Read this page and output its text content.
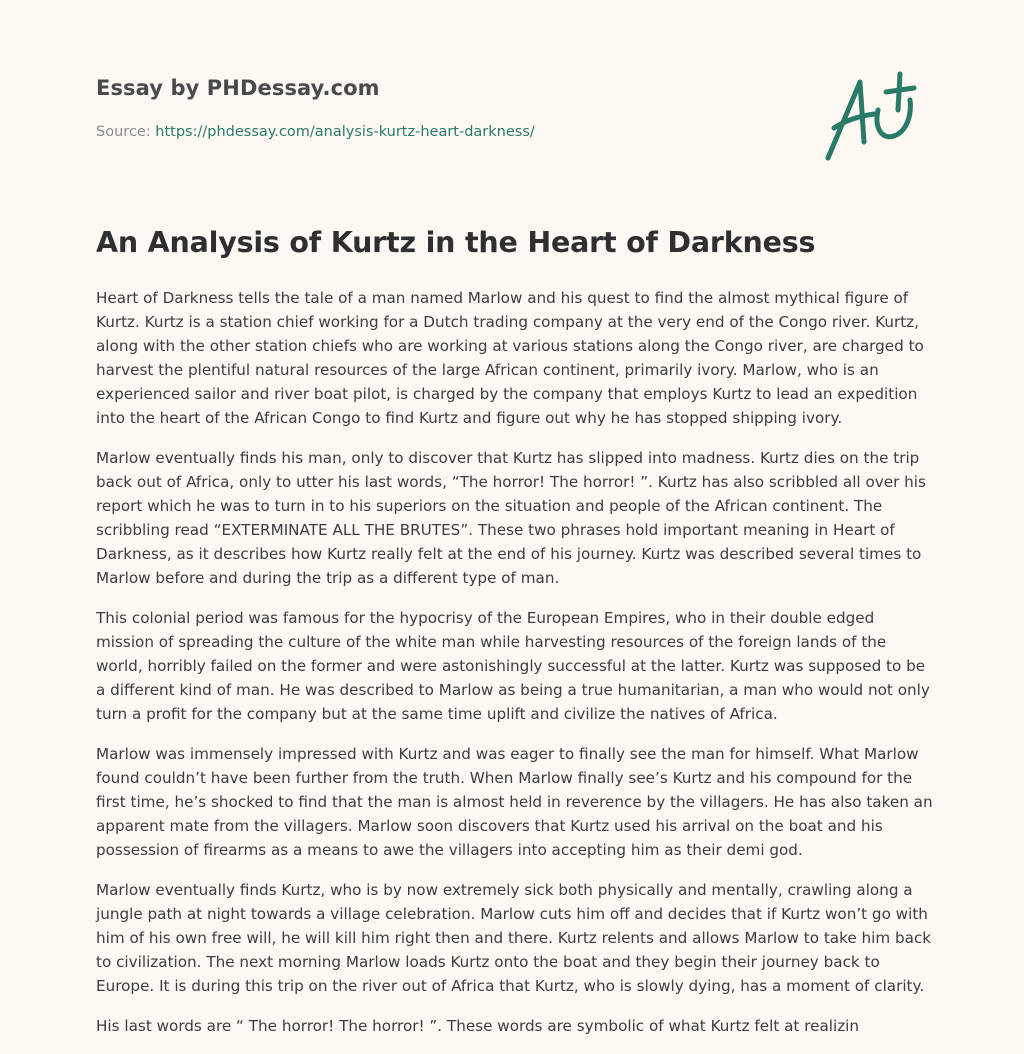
Essay by PHDessay.com

Source: https://phdessay.com/analysis-kurtz-heart-darkness/

An Analysis of Kurtz in the Heart of Darkness

Heart of Darkness tells the tale of a man named Marlow and his quest to find the almost mythical figure of Kurtz. Kurtz is a station chief working for a Dutch trading company at the very end of the Congo river. Kurtz, along with the other station chiefs who are working at various stations along the Congo river, are charged to harvest the plentiful natural resources of the large African continent, primarily ivory. Marlow, who is an experienced sailor and river boat pilot, is charged by the company that employs Kurtz to lead an expedition into the heart of the African Congo to find Kurtz and figure out why he has stopped shipping ivory.

Marlow eventually finds his man, only to discover that Kurtz has slipped into madness. Kurtz dies on the trip back out of Africa, only to utter his last words, “The horror! The horror! ”. Kurtz has also scribbled all over his report which he was to turn in to his superiors on the situation and people of the African continent. The scribbling read “EXTERMINATE ALL THE BRUTES”. These two phrases hold important meaning in Heart of Darkness, as it describes how Kurtz really felt at the end of his journey. Kurtz was described several times to Marlow before and during the trip as a different type of man.

This colonial period was famous for the hypocrisy of the European Empires, who in their double edged mission of spreading the culture of the white man while harvesting resources of the foreign lands of the world, horribly failed on the former and were astonishingly successful at the latter. Kurtz was supposed to be a different kind of man. He was described to Marlow as being a true humanitarian, a man who would not only turn a profit for the company but at the same time uplift and civilize the natives of Africa.

Marlow was immensely impressed with Kurtz and was eager to finally see the man for himself. What Marlow found couldn’t have been further from the truth. When Marlow finally see’s Kurtz and his compound for the first time, he’s shocked to find that the man is almost held in reverence by the villagers. He has also taken an apparent mate from the villagers. Marlow soon discovers that Kurtz used his arrival on the boat and his possession of firearms as a means to awe the villagers into accepting him as their demi god.

Marlow eventually finds Kurtz, who is by now extremely sick both physically and mentally, crawling along a jungle path at night towards a village celebration. Marlow cuts him off and decides that if Kurtz won’t go with him of his own free will, he will kill him right then and there. Kurtz relents and allows Marlow to take him back to civilization. The next morning Marlow loads Kurtz onto the boat and they begin their journey back to Europe. It is during this trip on the river out of Africa that Kurtz, who is slowly dying, has a moment of clarity.

His last words are “ The horror! The horror! ”. These words are symbolic of what Kurtz felt at realizin
